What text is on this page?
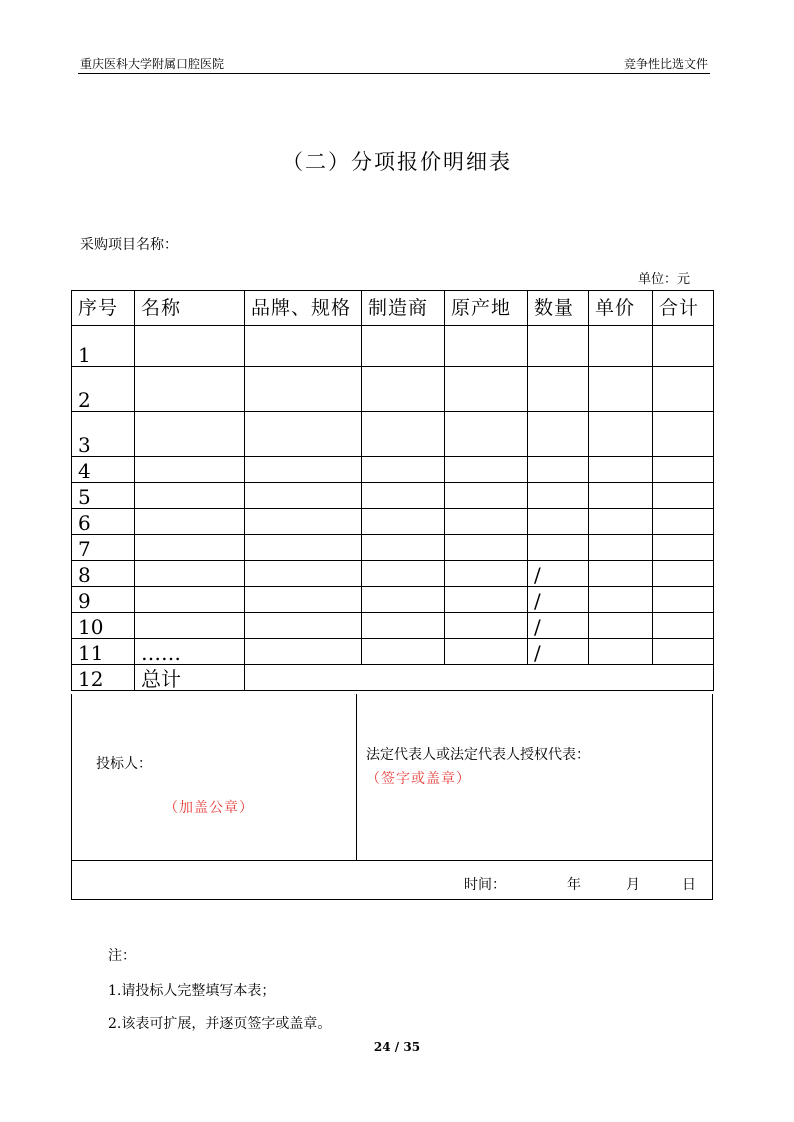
重庆医科大学附属口腔医院	竞争性比选文件
（二）分项报价明细表
采购项目名称：
单位：元
序号	名称	品牌、规格	制造商	原产地	数量	单价	合计
1							
2							
3							
4							
5							
6							
7							
8					/		
9					/		
10					/		
11	……				/		
12	总计						
投标人：
（加盖公章）
法定代表人或法定代表人授权代表：
（签字或盖章）
时间：	年	月	日
注：
1.请投标人完整填写本表；
2.该表可扩展，并逐页签字或盖章。
24 / 35
